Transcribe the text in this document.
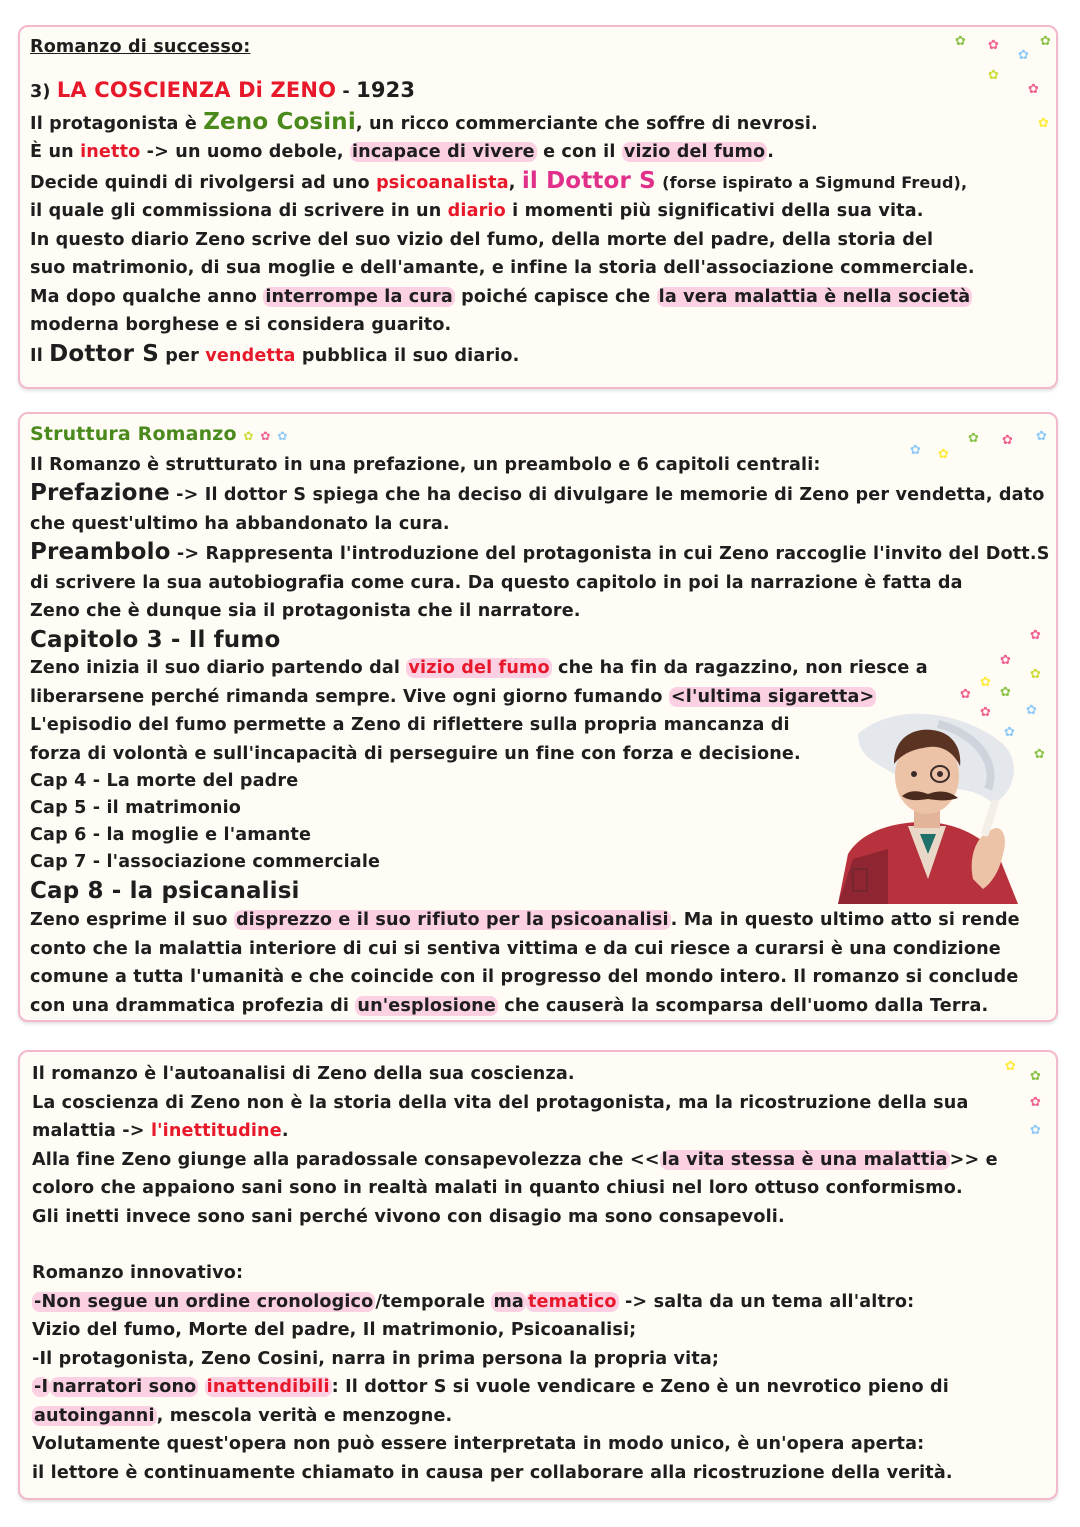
Romanzo di successo:
3) LA COSCIENZA Di ZENO - 1923
Il protagonista è Zeno Cosini, un ricco commerciante che soffre di nevrosi.
È un inetto -> un uomo debole, incapace di vivere e con il vizio del fumo .
Decide quindi di rivolgersi ad uno psicoanalista, il Dottor S (forse ispirato a Sigmund Freud),
il quale gli commissiona di scrivere in un diario i momenti più significativi della sua vita.
In questo diario Zeno scrive del suo vizio del fumo, della morte del padre, della storia del
suo matrimonio, di sua moglie e dell'amante, e infine la storia dell'associazione commerciale.
Ma dopo qualche anno interrompe la cura poiché capisce che la vera malattia è nella società
moderna borghese e si considera guarito.
Il Dottor S per vendetta pubblica il suo diario.
✿ ✿
✿
✿
✿
✿
✿
Struttura Romanzo ✿ ✿ ✿
Il Romanzo è strutturato in una prefazione, un preambolo e 6 capitoli centrali:
Prefazione -> Il dottor S spiega che ha deciso di divulgare le memorie di Zeno per vendetta, dato
che quest'ultimo ha abbandonato la cura.
Preambolo -> Rappresenta l'introduzione del protagonista in cui Zeno raccoglie l'invito del Dott.S
di scrivere la sua autobiografia come cura. Da questo capitolo in poi la narrazione è fatta da
Zeno che è dunque sia il protagonista che il narratore.
Capitolo 3 - Il fumo
Zeno inizia il suo diario partendo dal vizio del fumo che ha fin da ragazzino, non riesce a
liberarsene perché rimanda sempre. Vive ogni giorno fumando <l'ultima sigaretta>
L'episodio del fumo permette a Zeno di riflettere sulla propria mancanza di
forza di volontà e sull'incapacità di perseguire un fine con forza e decisione.
Cap 4 - La morte del padre
Cap 5 - il matrimonio
Cap 6 - la moglie e l'amante
Cap 7 - l'associazione commerciale
Cap 8 - la psicanalisi
Zeno esprime il suo disprezzo e il suo rifiuto per la psicoanalisi . Ma in questo ultimo atto si rende
conto che la malattia interiore di cui si sentiva vittima e da cui riesce a curarsi è una condizione
comune a tutta l'umanità e che coincide con il progresso del mondo intero. Il romanzo si conclude
con una drammatica profezia di un'esplosione che causerà la scomparsa dell'uomo dalla Terra.
✿ ✿
✿ ✿ ✿
✿
✿
✿
✿
✿ ✿
✿	✿
✿
✿
Il romanzo è l'autoanalisi di Zeno della sua coscienza.
La coscienza di Zeno non è la storia della vita del protagonista, ma la ricostruzione della sua
malattia -> l'inettitudine.
Alla fine Zeno giunge alla paradossale consapevolezza che << la vita stessa è una malattia >> e
coloro che appaiono sani sono in realtà malati in quanto chiusi nel loro ottuso conformismo.
Gli inetti invece sono sani perché vivono con disagio ma sono consapevoli.
Romanzo innovativo:
-Non segue un ordine cronologico /temporale ma tematico -> salta da un tema all'altro:
Vizio del fumo, Morte del padre, Il matrimonio, Psicoanalisi;
-Il protagonista, Zeno Cosini, narra in prima persona la propria vita;
-I narratori sono inattendibili : Il dottor S si vuole vendicare e Zeno è un nevrotico pieno di
autoinganni , mescola verità e menzogne.
Volutamente quest'opera non può essere interpretata in modo unico, è un'opera aperta:
il lettore è continuamente chiamato in causa per collaborare alla ricostruzione della verità.
✿
✿
✿
✿
